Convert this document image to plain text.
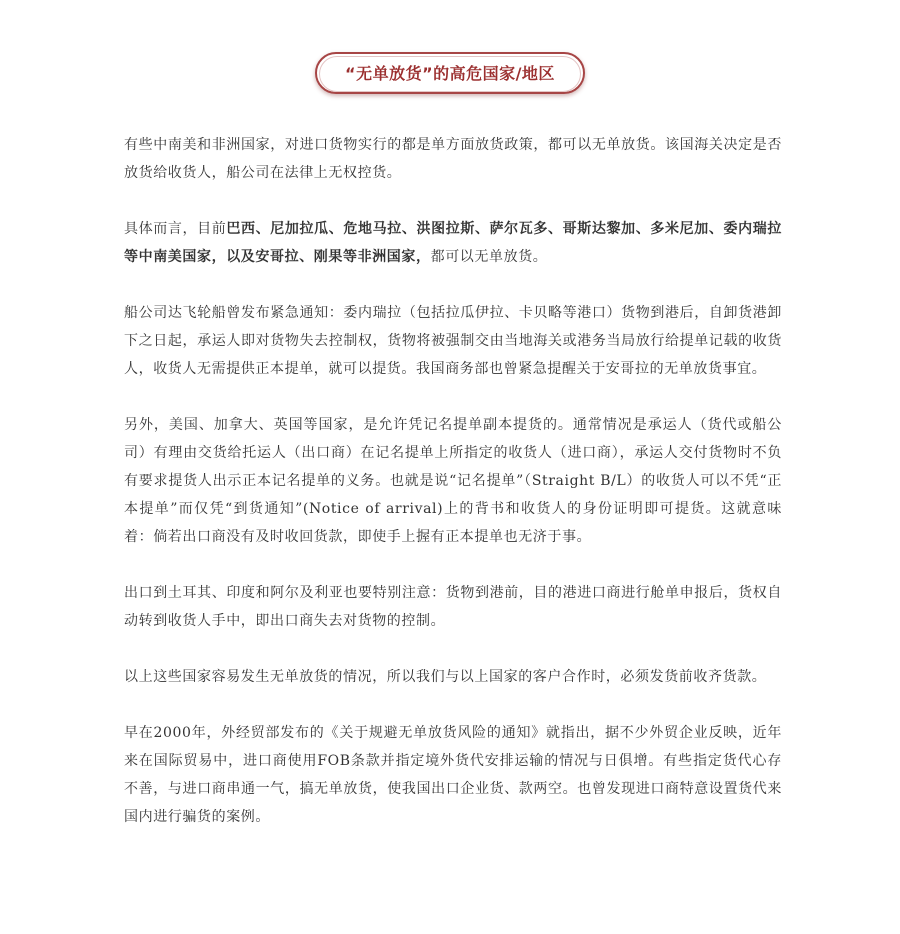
“无单放货”的高危国家/地区

有些中南美和非洲国家，对进口货物实行的都是单方面放货政策，都可以无单放货。该国海关决定是否放货给收货人，船公司在法律上无权控货。

具体而言，目前巴西、尼加拉瓜、危地马拉、洪图拉斯、萨尔瓦多、哥斯达黎加、多米尼加、委内瑞拉等中南美国家，以及安哥拉、刚果等非洲国家，都可以无单放货。

船公司达飞轮船曾发布紧急通知：委内瑞拉（包括拉瓜伊拉、卡贝略等港口）货物到港后，自卸货港卸下之日起，承运人即对货物失去控制权，货物将被强制交由当地海关或港务当局放行给提单记载的收货人，收货人无需提供正本提单，就可以提货。我国商务部也曾紧急提醒关于安哥拉的无单放货事宜。

另外，美国、加拿大、英国等国家，是允许凭记名提单副本提货的。通常情况是承运人（货代或船公司）有理由交货给托运人（出口商）在记名提单上所指定的收货人（进口商），承运人交付货物时不负有要求提货人出示正本记名提单的义务。也就是说“记名提单”（Straight B/L）的收货人可以不凭“正本提单”而仅凭“到货通知”(Notice of arrival)上的背书和收货人的身份证明即可提货。这就意味着：倘若出口商没有及时收回货款，即使手上握有正本提单也无济于事。

出口到土耳其、印度和阿尔及利亚也要特别注意：货物到港前，目的港进口商进行舱单申报后，货权自动转到收货人手中，即出口商失去对货物的控制。

以上这些国家容易发生无单放货的情况，所以我们与以上国家的客户合作时，必须发货前收齐货款。

早在2000年，外经贸部发布的《关于规避无单放货风险的通知》就指出，据不少外贸企业反映，近年来在国际贸易中，进口商使用FOB条款并指定境外货代安排运输的情况与日俱增。有些指定货代心存不善，与进口商串通一气，搞无单放货，使我国出口企业货、款两空。也曾发现进口商特意设置货代来国内进行骗货的案例。
